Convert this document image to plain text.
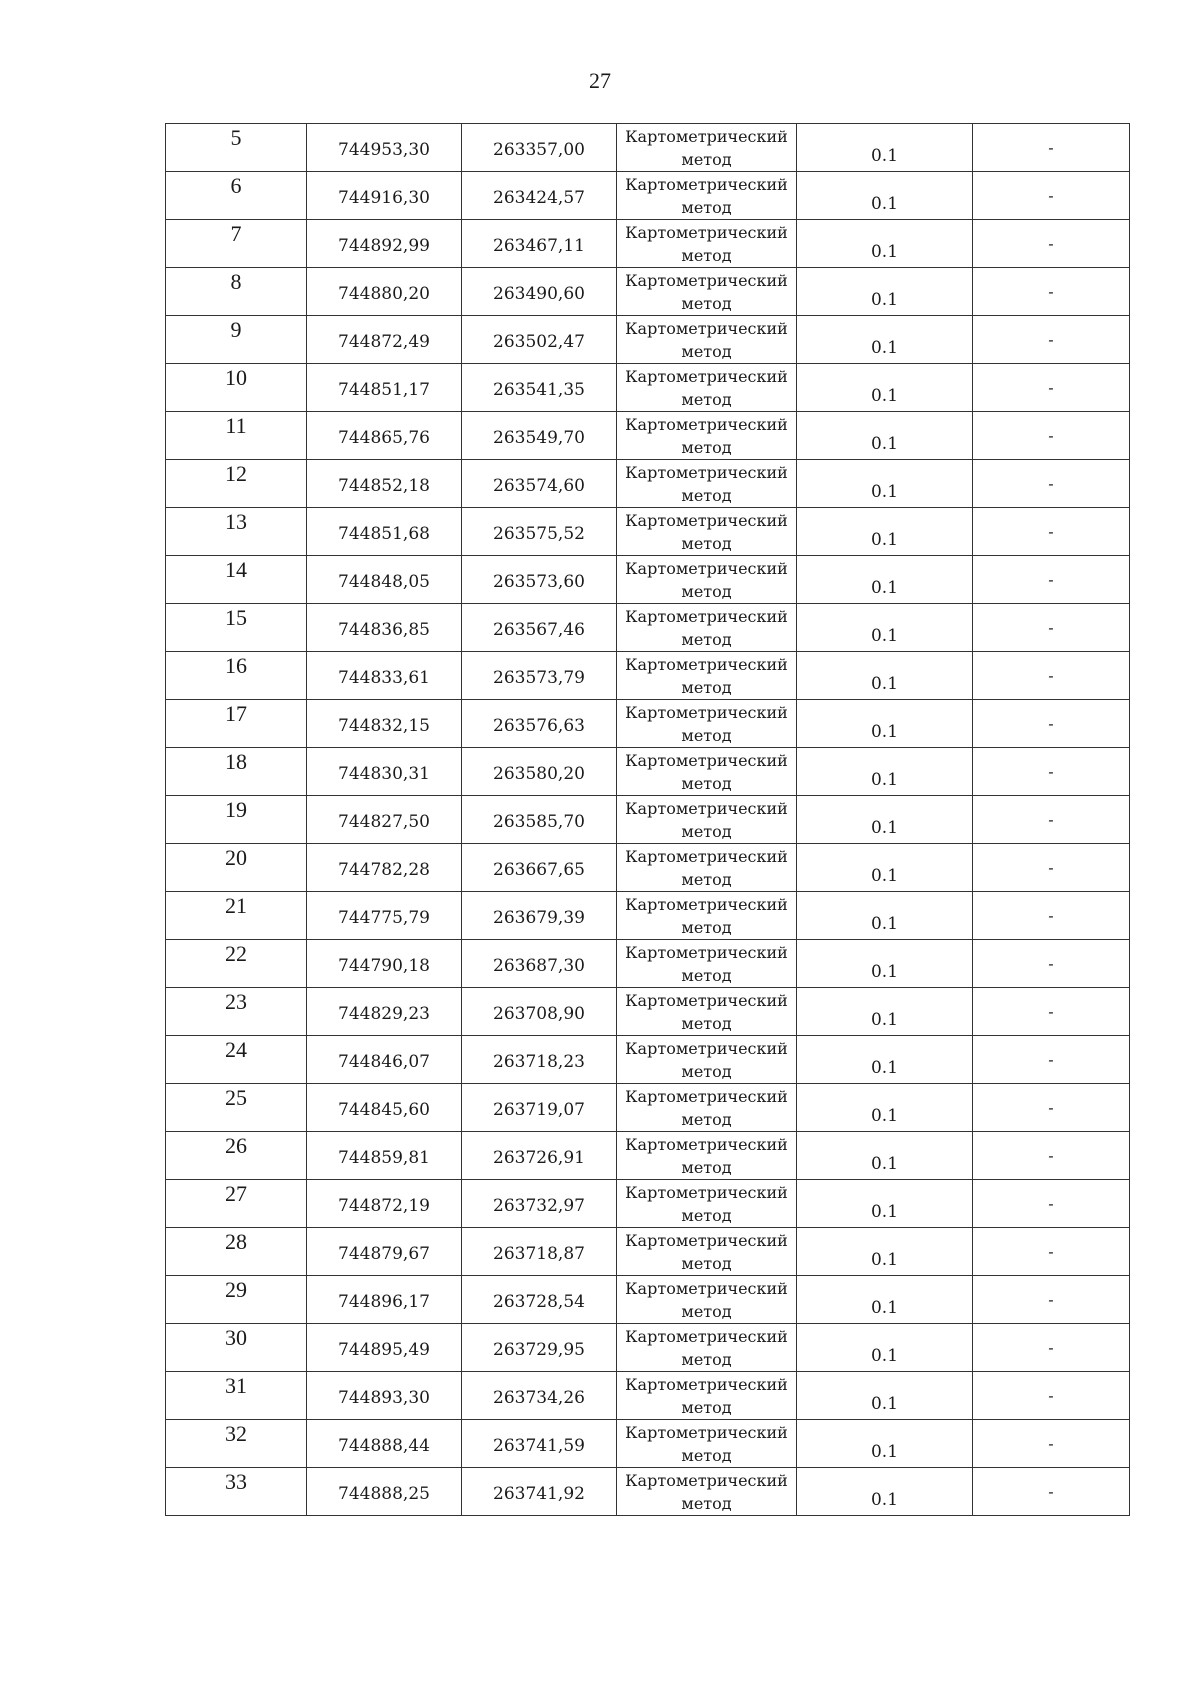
27
5	744953,30	263357,00	Картометрический
метод	0.1	-

6	744916,30	263424,57	Картометрический
метод	0.1	-

7	744892,99	263467,11	Картометрический
метод	0.1	-

8	744880,20	263490,60	Картометрический
метод	0.1	-

9	744872,49	263502,47	Картометрический
метод	0.1	-

10	744851,17	263541,35	Картометрический
метод	0.1	-

11	744865,76	263549,70	Картометрический
метод	0.1	-

12	744852,18	263574,60	Картометрический
метод	0.1	-

13	744851,68	263575,52	Картометрический
метод	0.1	-

14	744848,05	263573,60	Картометрический
метод	0.1	-

15	744836,85	263567,46	Картометрический
метод	0.1	-

16	744833,61	263573,79	Картометрический
метод	0.1	-

17	744832,15	263576,63	Картометрический
метод	0.1	-

18	744830,31	263580,20	Картометрический
метод	0.1	-

19	744827,50	263585,70	Картометрический
метод	0.1	-

20	744782,28	263667,65	Картометрический
метод	0.1	-

21	744775,79	263679,39	Картометрический
метод	0.1	-

22	744790,18	263687,30	Картометрический
метод	0.1	-

23	744829,23	263708,90	Картометрический
метод	0.1	-

24	744846,07	263718,23	Картометрический
метод	0.1	-

25	744845,60	263719,07	Картометрический
метод	0.1	-

26	744859,81	263726,91	Картометрический
метод	0.1	-

27	744872,19	263732,97	Картометрический
метод	0.1	-

28	744879,67	263718,87	Картометрический
метод	0.1	-

29	744896,17	263728,54	Картометрический
метод	0.1	-

30	744895,49	263729,95	Картометрический
метод	0.1	-

31	744893,30	263734,26	Картометрический
метод	0.1	-

32	744888,44	263741,59	Картометрический
метод	0.1	-

33	744888,25	263741,92	Картометрический
метод	0.1	-
